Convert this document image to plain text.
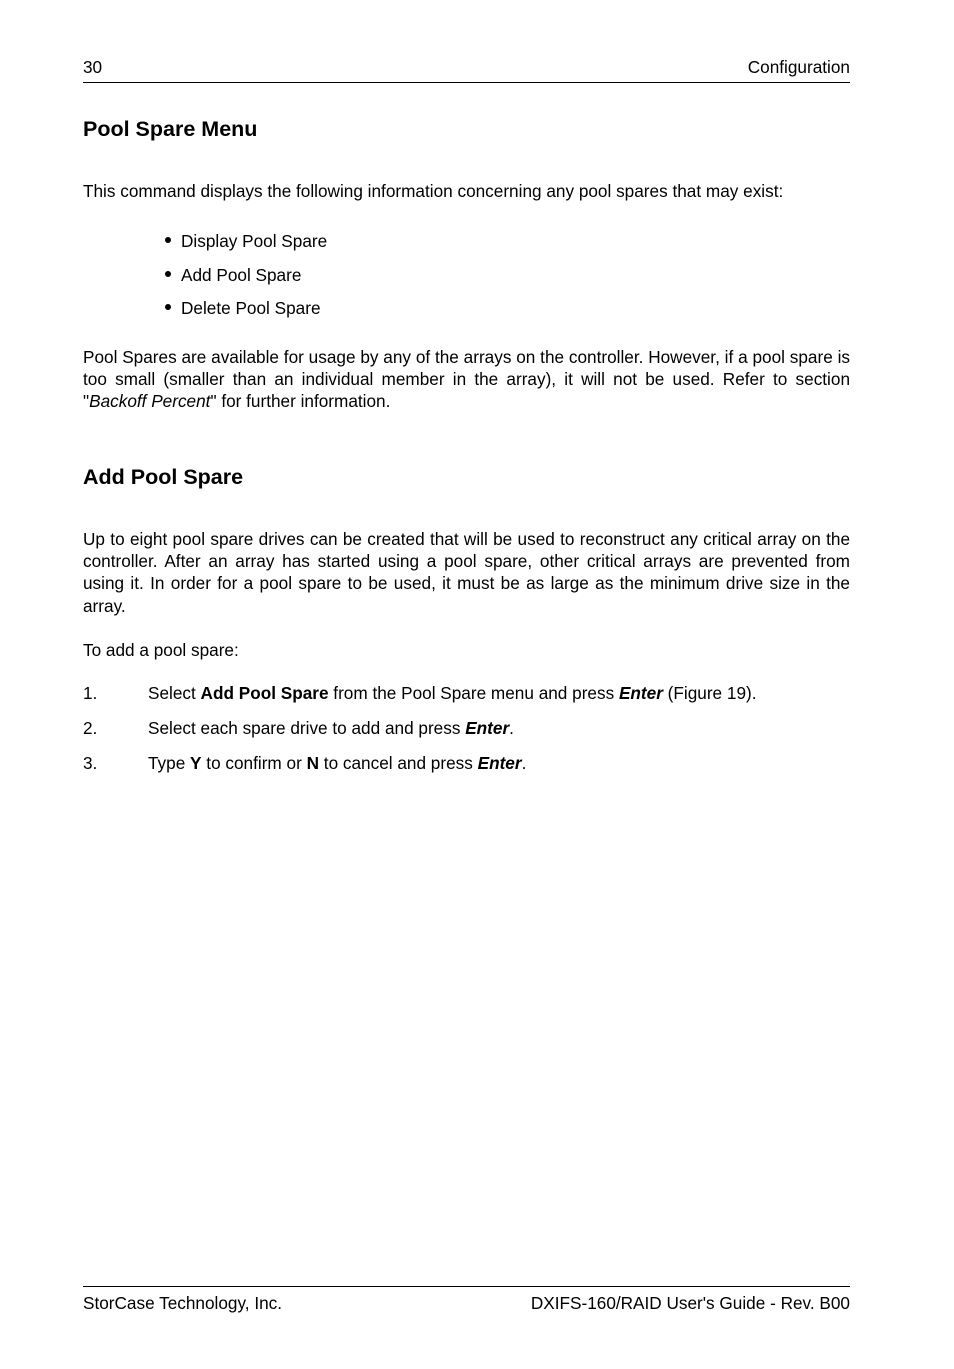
30	Configuration
Pool Spare Menu

This command displays the following information concerning any pool spares that may exist:

Display Pool Spare
Add Pool Spare
Delete Pool Spare

Pool Spares are available for usage by any of the arrays on the controller. However, if a pool spare is too small (smaller than an individual member in the array), it will not be used. Refer to section "Backoff Percent" for further information.

Add Pool Spare

Up to eight pool spare drives can be created that will be used to reconstruct any critical array on the controller. After an array has started using a pool spare, other critical arrays are prevented from using it. In order for a pool spare to be used, it must be as large as the minimum drive size in the array.

To add a pool spare:

1.	Select Add Pool Spare from the Pool Spare menu and press Enter (Figure 19).
2.	Select each spare drive to add and press Enter.
3.	Type Y to confirm or N to cancel and press Enter.
StorCase Technology, Inc.	DXIFS-160/RAID User's Guide - Rev. B00
